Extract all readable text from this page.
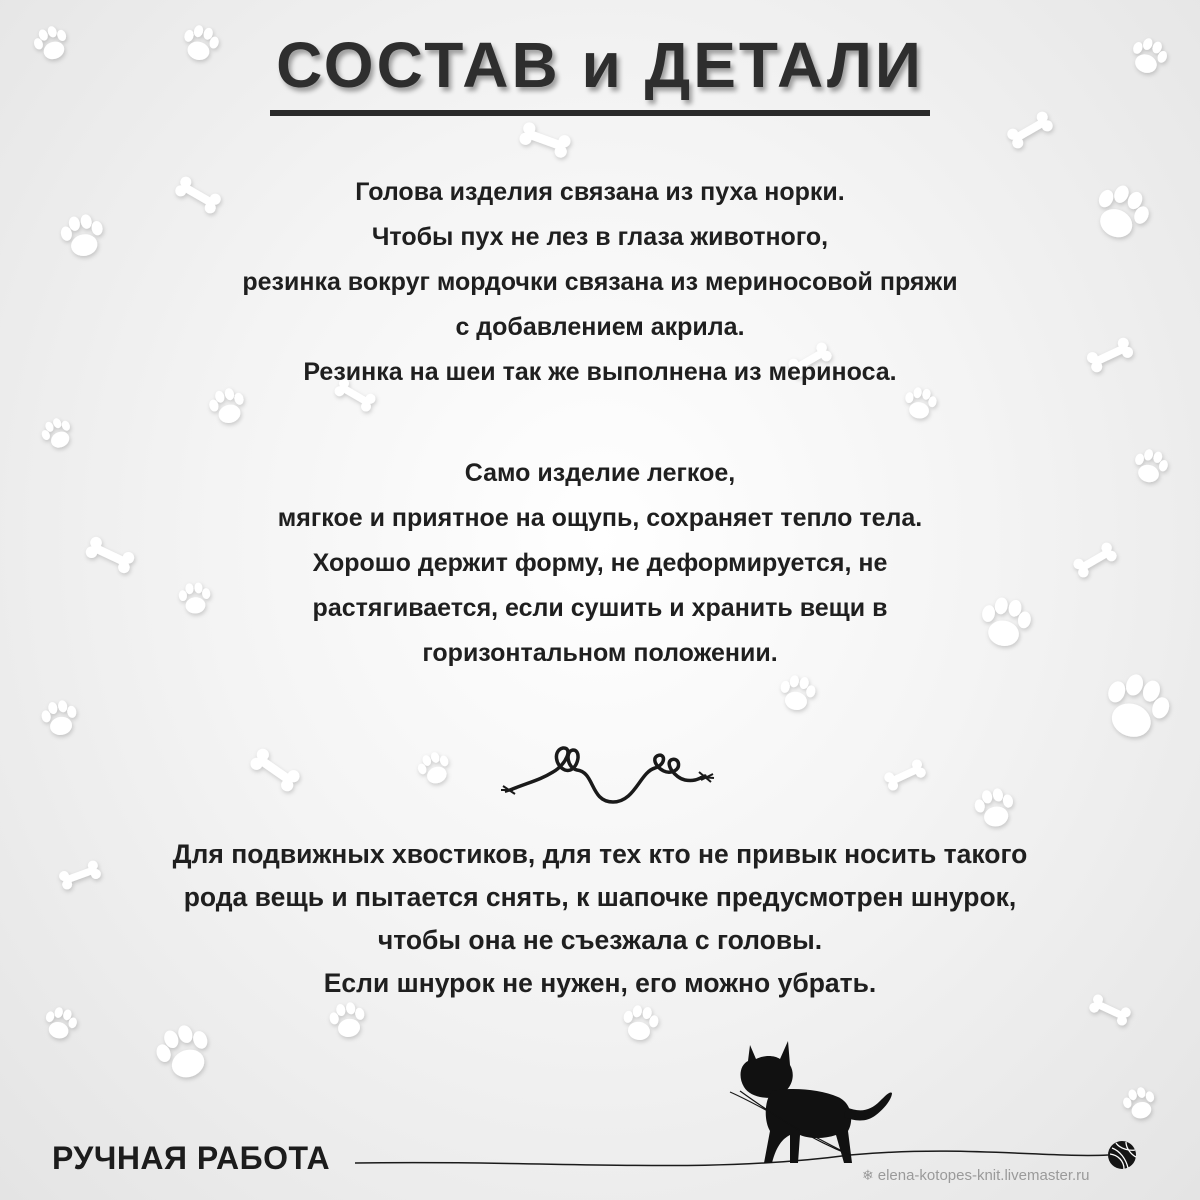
СОСТАВ и ДЕТАЛИ
Голова изделия связана из пуха норки.
Чтобы пух не лез в глаза животного,
резинка вокруг мордочки связана из мериносовой пряжи
с добавлением акрила.
Резинка на шеи так же выполнена из мериноса.
Само изделие легкое,
мягкое и приятное на ощупь, сохраняет тепло тела.
Хорошо держит форму, не деформируется, не
растягивается, если сушить и хранить вещи в
горизонтальном положении.
Для подвижных хвостиков, для тех кто не привык носить такого
рода вещь и пытается снять, к шапочке предусмотрен шнурок,
чтобы она не съезжала с головы.
Если шнурок не нужен, его можно убрать.
РУЧНАЯ РАБОТА	❄ elena-kotopes-knit.livemaster.ru
